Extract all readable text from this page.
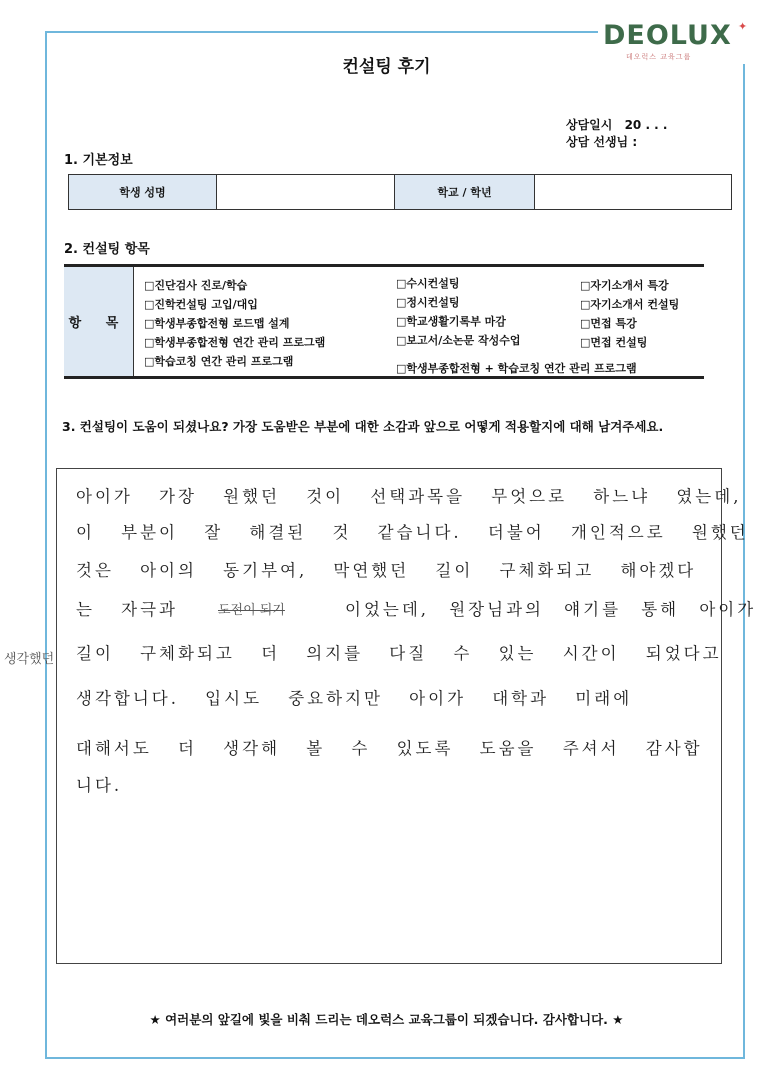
DEOLUX ✦
데오럭스 교육그룹
컨설팅 후기
상담일시 20 . . .
상담 선생님 :
1. 기본정보
학생 성명	학교 / 학년
2. 컨설팅 항목
항 목
□진단검사 진로/학습
□진학컨설팅 고입/대입
□학생부종합전형 로드맵 설계
□학생부종합전형 연간 관리 프로그램
□학습코칭 연간 관리 프로그램
□수시컨설팅
□정시컨설팅
□학교생활기록부 마감
□보고서/소논문 작성수업
□학생부종합전형 + 학습코칭 연간 관리 프로그램
□자기소개서 특강
□자기소개서 컨설팅
□면접 특강
□면접 컨설팅
3. 컨설팅이 도움이 되셨나요? 가장 도움받은 부분에 대한 소감과 앞으로 어떻게 적용할지에 대해 남겨주세요.
아이가 가장 원했던 것이 선택과목을 무엇으로 하느냐 였는데,
이 부분이 잘 해결된 것 같습니다. 더불어 개인적으로 원했던
것은 아이의 동기부여, 막연했던 길이 구체화되고 해야겠다
는 자극과	도전이 되기	이었는데, 원장님과의 얘기를 통해 아이가
생각했던 길이 구체화되고 더 의지를 다질 수 있는 시간이 되었다고
생각합니다. 입시도 중요하지만 아이가 대학과 미래에
대해서도 더 생각해 볼 수 있도록 도움을 주셔서 감사합
니다.
★ 여러분의 앞길에 빛을 비춰 드리는 데오럭스 교육그룹이 되겠습니다. 감사합니다. ★
